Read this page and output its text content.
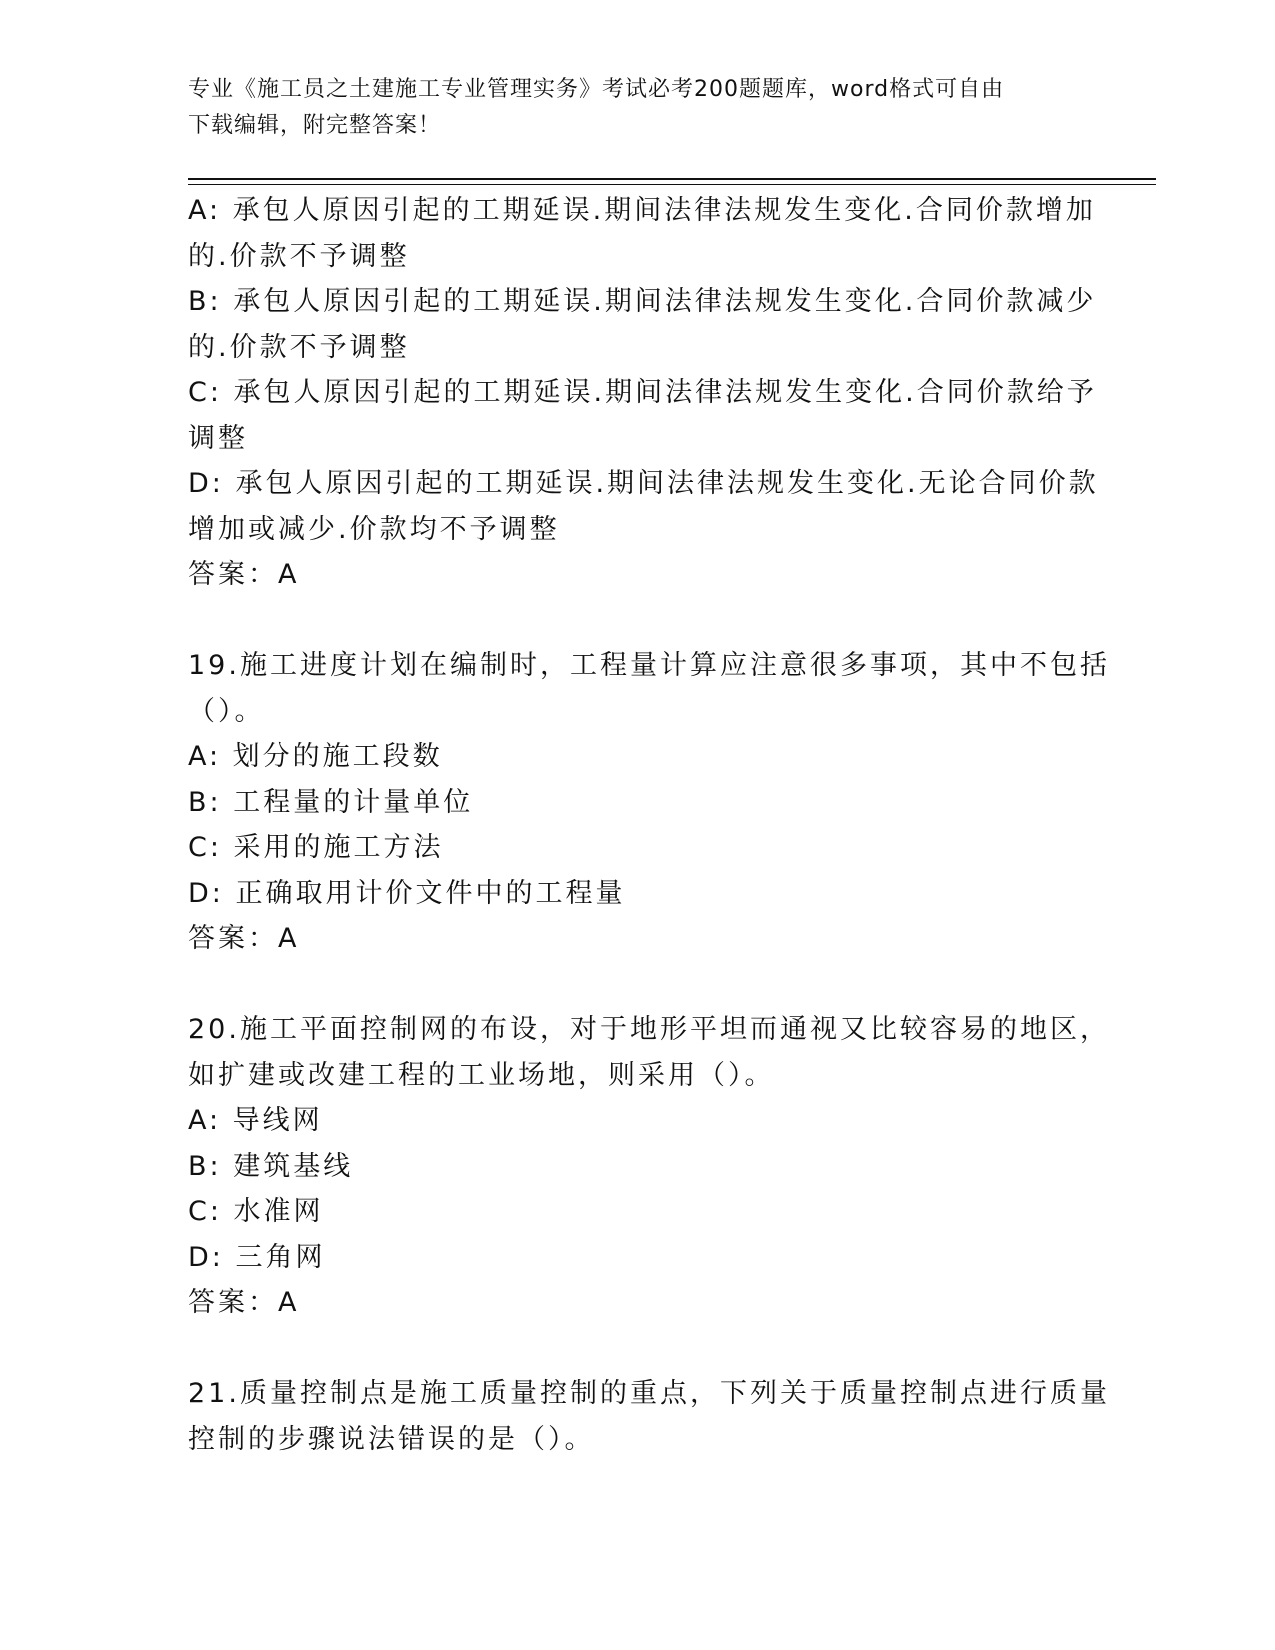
专业《施工员之土建施工专业管理实务》考试必考200题题库，word格式可自由
下载编辑，附完整答案！
A: 承包人原因引起的工期延误.期间法律法规发生变化.合同价款增加
的.价款不予调整
B: 承包人原因引起的工期延误.期间法律法规发生变化.合同价款减少
的.价款不予调整
C: 承包人原因引起的工期延误.期间法律法规发生变化.合同价款给予
调整
D: 承包人原因引起的工期延误.期间法律法规发生变化.无论合同价款
增加或减少.价款均不予调整
答案：A
19.施工进度计划在编制时，工程量计算应注意很多事项，其中不包括
（）。
A: 划分的施工段数
B: 工程量的计量单位
C: 采用的施工方法
D: 正确取用计价文件中的工程量
答案：A
20.施工平面控制网的布设，对于地形平坦而通视又比较容易的地区，
如扩建或改建工程的工业场地，则采用（）。
A: 导线网
B: 建筑基线
C: 水准网
D: 三角网
答案：A
21.质量控制点是施工质量控制的重点，下列关于质量控制点进行质量
控制的步骤说法错误的是（）。
